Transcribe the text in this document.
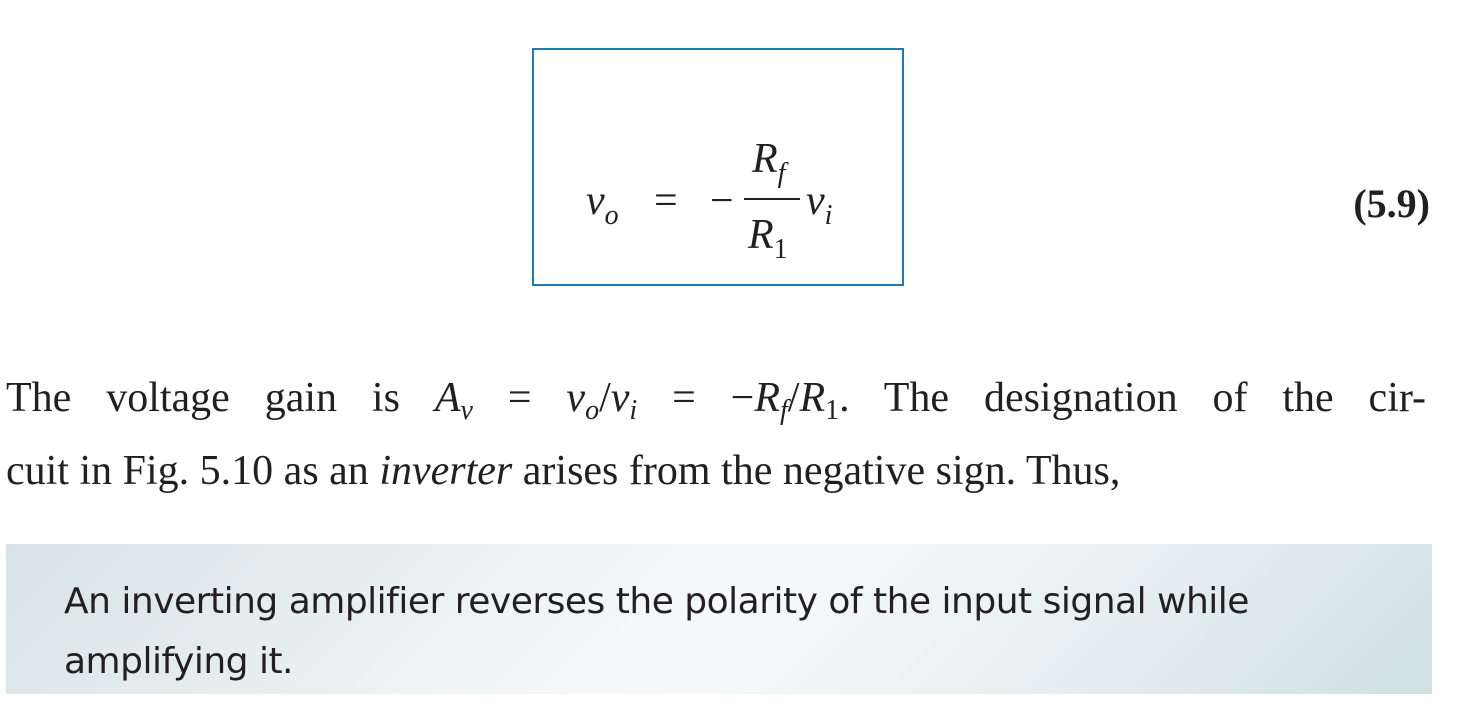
$v_o$ = −
$R_f$
$R_1$
$v_i$	(5.9)
The voltage gain is $A_v = v_o/v_i = -R_f/R_1$. The designation of the cir-
cuit in Fig. 5.10 as an inverter arises from the negative sign. Thus,
An inverting amplifier reverses the polarity of the input signal while amplifying it.
